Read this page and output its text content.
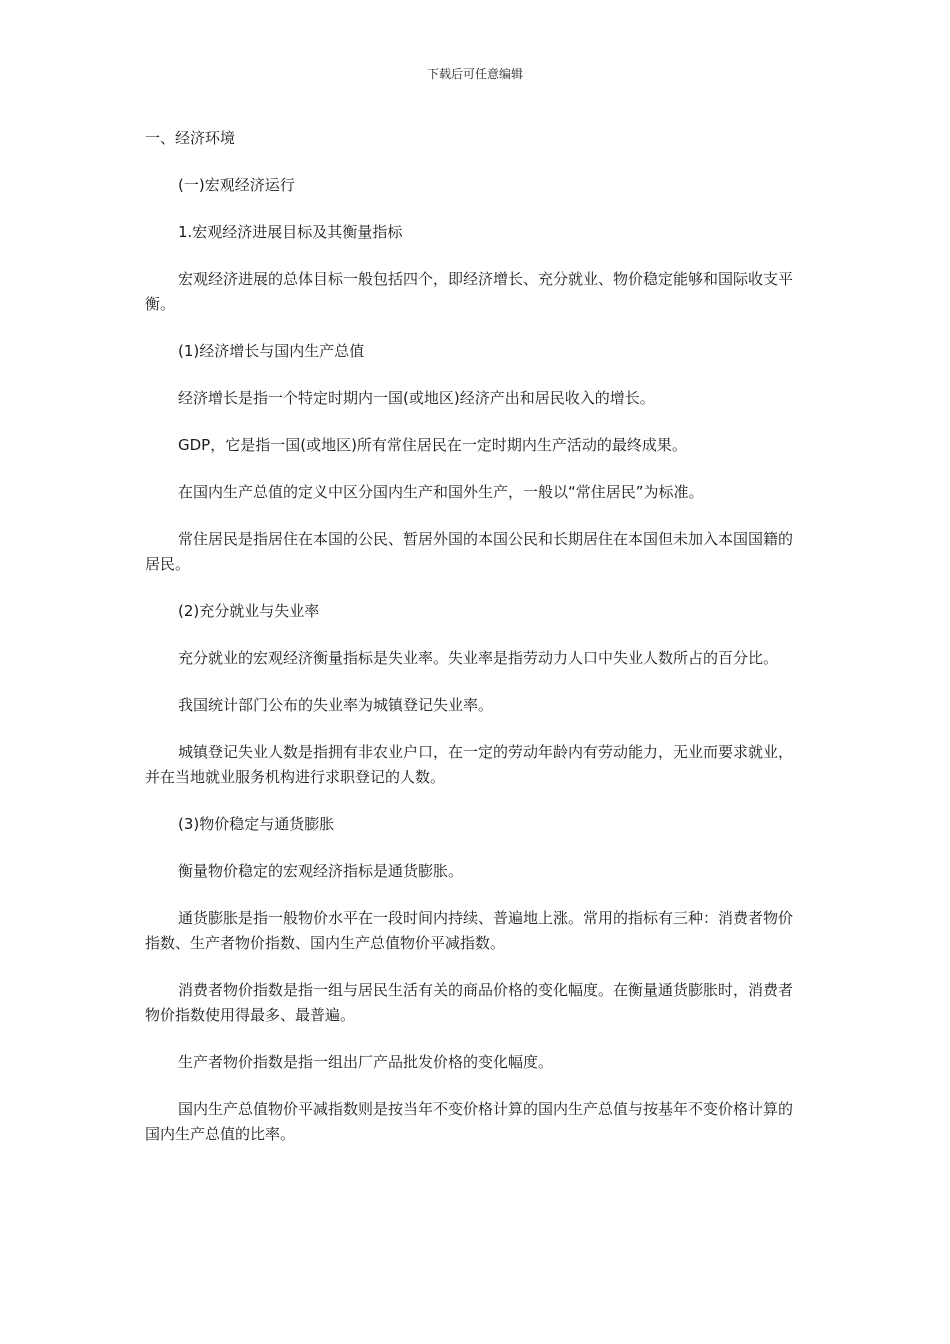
下载后可任意编辑

一、经济环境

(一)宏观经济运行

1.宏观经济进展目标及其衡量指标

宏观经济进展的总体目标一般包括四个，即经济增长、充分就业、物价稳定能够和国际收支平衡。

(1)经济增长与国内生产总值

经济增长是指一个特定时期内一国(或地区)经济产出和居民收入的增长。

GDP，它是指一国(或地区)所有常住居民在一定时期内生产活动的最终成果。

在国内生产总值的定义中区分国内生产和国外生产，一般以“常住居民”为标准。

常住居民是指居住在本国的公民、暂居外国的本国公民和长期居住在本国但未加入本国国籍的居民。

(2)充分就业与失业率

充分就业的宏观经济衡量指标是失业率。失业率是指劳动力人口中失业人数所占的百分比。

我国统计部门公布的失业率为城镇登记失业率。

城镇登记失业人数是指拥有非农业户口，在一定的劳动年龄内有劳动能力，无业而要求就业，并在当地就业服务机构进行求职登记的人数。

(3)物价稳定与通货膨胀

衡量物价稳定的宏观经济指标是通货膨胀。

通货膨胀是指一般物价水平在一段时间内持续、普遍地上涨。常用的指标有三种：消费者物价指数、生产者物价指数、国内生产总值物价平减指数。

消费者物价指数是指一组与居民生活有关的商品价格的变化幅度。在衡量通货膨胀时，消费者物价指数使用得最多、最普遍。

生产者物价指数是指一组出厂产品批发价格的变化幅度。

国内生产总值物价平减指数则是按当年不变价格计算的国内生产总值与按基年不变价格计算的国内生产总值的比率。
